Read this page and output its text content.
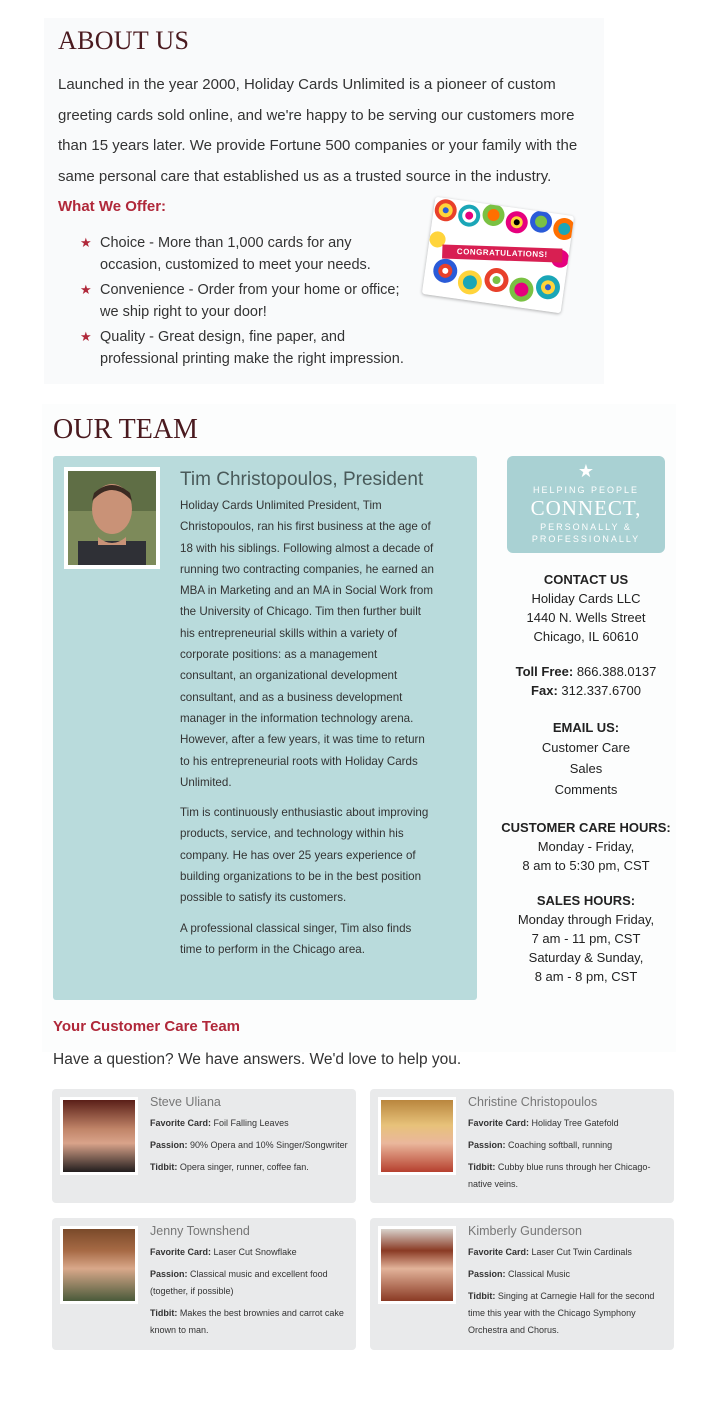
ABOUT US

Launched in the year 2000, Holiday Cards Unlimited is a pioneer of custom greeting cards sold online, and we're happy to be serving our customers more than 15 years later. We provide Fortune 500 companies or your family with the same personal care that established us as a trusted source in the industry.

What We Offer:

★ Choice - More than 1,000 cards for any occasion, customized to meet your needs.
★ Convenience - Order from your home or office; we ship right to your door!
★ Quality - Great design, fine paper, and professional printing make the right impression.
CONGRATULATIONS!
OUR TEAM
Tim Christopoulos, President

Holiday Cards Unlimited President, Tim Christopoulos, ran his first business at the age of 18 with his siblings. Following almost a decade of running two contracting companies, he earned an MBA in Marketing and an MA in Social Work from the University of Chicago. Tim then further built his entrepreneurial skills within a variety of corporate positions: as a management consultant, an organizational development consultant, and as a business development manager in the information technology arena. However, after a few years, it was time to return to his entrepreneurial roots with Holiday Cards Unlimited.

Tim is continuously enthusiastic about improving products, service, and technology within his company. He has over 25 years experience of building organizations to be in the best position possible to satisfy its customers.

A professional classical singer, Tim also finds time to perform in the Chicago area.

★
HELPING PEOPLE
CONNECT,
PERSONALLY &
PROFESSIONALLY
CONTACT US
Holiday Cards LLC
1440 N. Wells Street
Chicago, IL 60610
Toll Free: 866.388.0137
Fax: 312.337.6700
EMAIL US:
Customer Care
Sales
Comments
CUSTOMER CARE HOURS:
Monday - Friday,
8 am to 5:30 pm, CST
SALES HOURS:
Monday through Friday,
7 am - 11 pm, CST
Saturday & Sunday,
8 am - 8 pm, CST
Your Customer Care Team

Have a question? We have answers. We'd love to help you.

Steve Uliana

Favorite Card: Foil Falling Leaves

Passion: 90% Opera and 10% Singer/Songwriter

Tidbit: Opera singer, runner, coffee fan.

Christine Christopoulos

Favorite Card: Holiday Tree Gatefold

Passion: Coaching softball, running

Tidbit: Cubby blue runs through her Chicago-native veins.

Jenny Townshend

Favorite Card: Laser Cut Snowflake

Passion: Classical music and excellent food (together, if possible)

Tidbit: Makes the best brownies and carrot cake known to man.

Kimberly Gunderson

Favorite Card: Laser Cut Twin Cardinals

Passion: Classical Music

Tidbit: Singing at Carnegie Hall for the second time this year with the Chicago Symphony Orchestra and Chorus.
